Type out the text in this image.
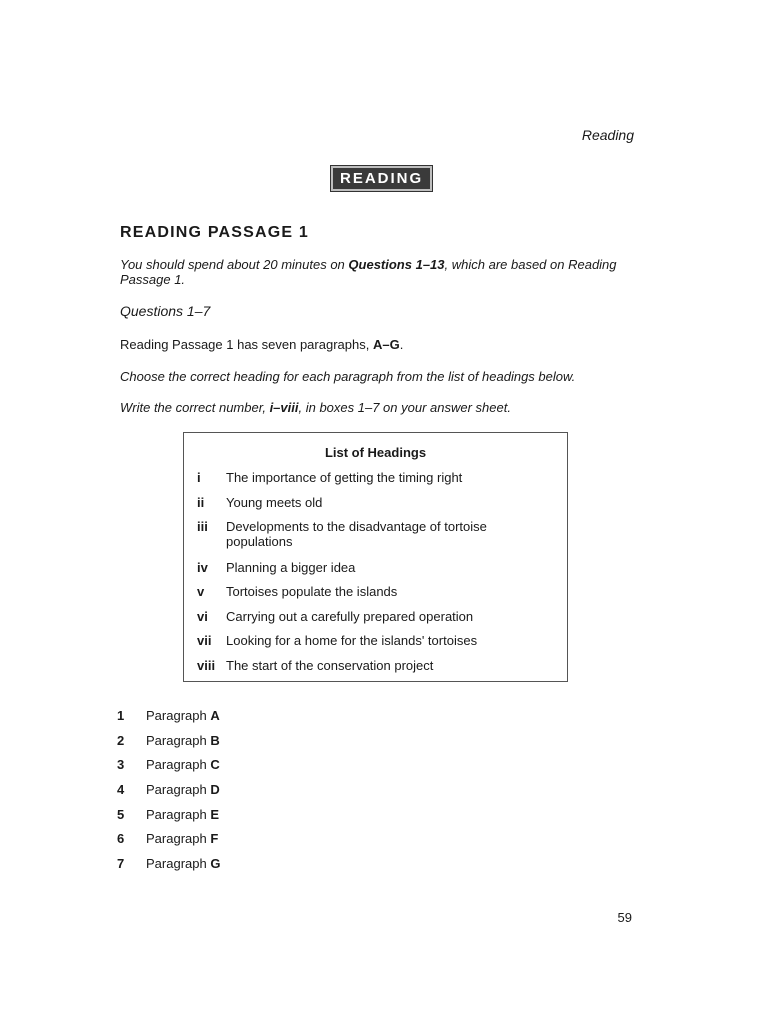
Reading
READING
READING PASSAGE 1
You should spend about 20 minutes on Questions 1–13, which are based on Reading Passage 1.
Questions 1–7
Reading Passage 1 has seven paragraphs, A–G.
Choose the correct heading for each paragraph from the list of headings below.
Write the correct number, i–viii, in boxes 1–7 on your answer sheet.
List of Headings
i	The importance of getting the timing right
ii	Young meets old
iii	Developments to the disadvantage of tortoise populations
iv	Planning a bigger idea
v	Tortoises populate the islands
vi	Carrying out a carefully prepared operation
vii	Looking for a home for the islands' tortoises
viii The start of the conservation project
1 Paragraph A
2 Paragraph B
3 Paragraph C
4 Paragraph D
5 Paragraph E
6 Paragraph F
7 Paragraph G
59
